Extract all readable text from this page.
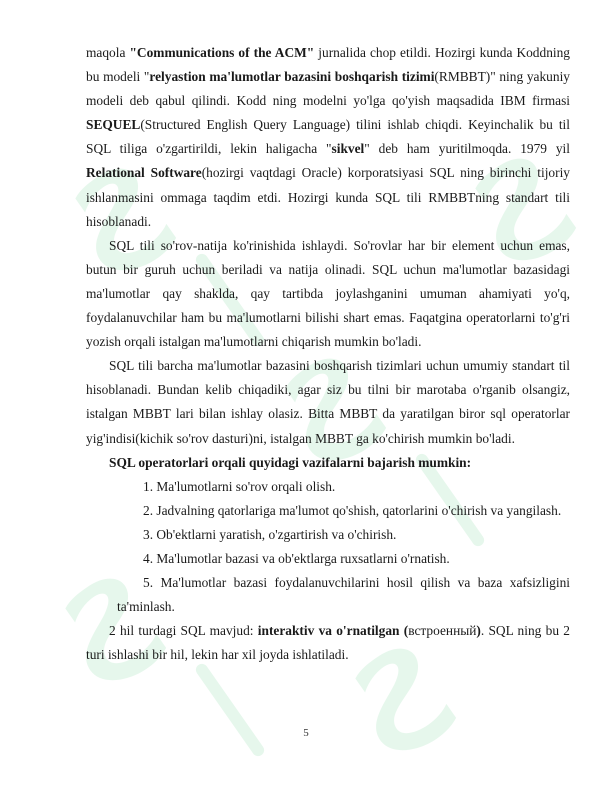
maqola "Communications of the ACM" jurnalida chop etildi. Hozirgi kunda Koddning bu modeli "relyastion ma'lumotlar bazasini boshqarish tizimi(RMBBT)" ning yakuniy modeli deb qabul qilindi. Kodd ning modelni yo'lga qo'yish maqsadida IBM firmasi SEQUEL(Structured English Query Language) tilini ishlab chiqdi. Keyinchalik bu til SQL tiliga o'zgartirildi, lekin haligacha "sikvel" deb ham yuritilmoqda. 1979 yil Relational Software(hozirgi vaqtdagi Oracle) korporatsiyasi SQL ning birinchi tijoriy ishlanmasini ommaga taqdim etdi. Hozirgi kunda SQL tili RMBBTning standart tili hisoblanadi.

SQL tili so'rov-natija ko'rinishida ishlaydi. So'rovlar har bir element uchun emas, butun bir guruh uchun beriladi va natija olinadi. SQL uchun ma'lumotlar bazasidagi ma'lumotlar qay shaklda, qay tartibda joylashganini umuman ahamiyati yo'q, foydalanuvchilar ham bu ma'lumotlarni bilishi shart emas. Faqatgina operatorlarni to'g'ri yozish orqali istalgan ma'lumotlarni chiqarish mumkin bo'ladi.

SQL tili barcha ma'lumotlar bazasini boshqarish tizimlari uchun umumiy standart til hisoblanadi. Bundan kelib chiqadiki, agar siz bu tilni bir marotaba o'rganib olsangiz, istalgan MBBT lari bilan ishlay olasiz. Bitta MBBT da yaratilgan biror sql operatorlar yig'indisi(kichik so'rov dasturi)ni, istalgan MBBT ga ko'chirish mumkin bo'ladi.

SQL operatorlari orqali quyidagi vazifalarni bajarish mumkin:

1. Ma'lumotlarni so'rov orqali olish.

2. Jadvalning qatorlariga ma'lumot qo'shish, qatorlarini o'chirish va yangilash.

3. Ob'ektlarni yaratish, o'zgartirish va o'chirish.

4. Ma'lumotlar bazasi va ob'ektlarga ruxsatlarni o'rnatish.

5. Ma'lumotlar bazasi foydalanuvchilarini hosil qilish va baza xafsizligini ta'minlash.

2 hil turdagi SQL mavjud: interaktiv va o'rnatilgan (встроенный). SQL ning bu 2 turi ishlashi bir hil, lekin har xil joyda ishlatiladi.

5
